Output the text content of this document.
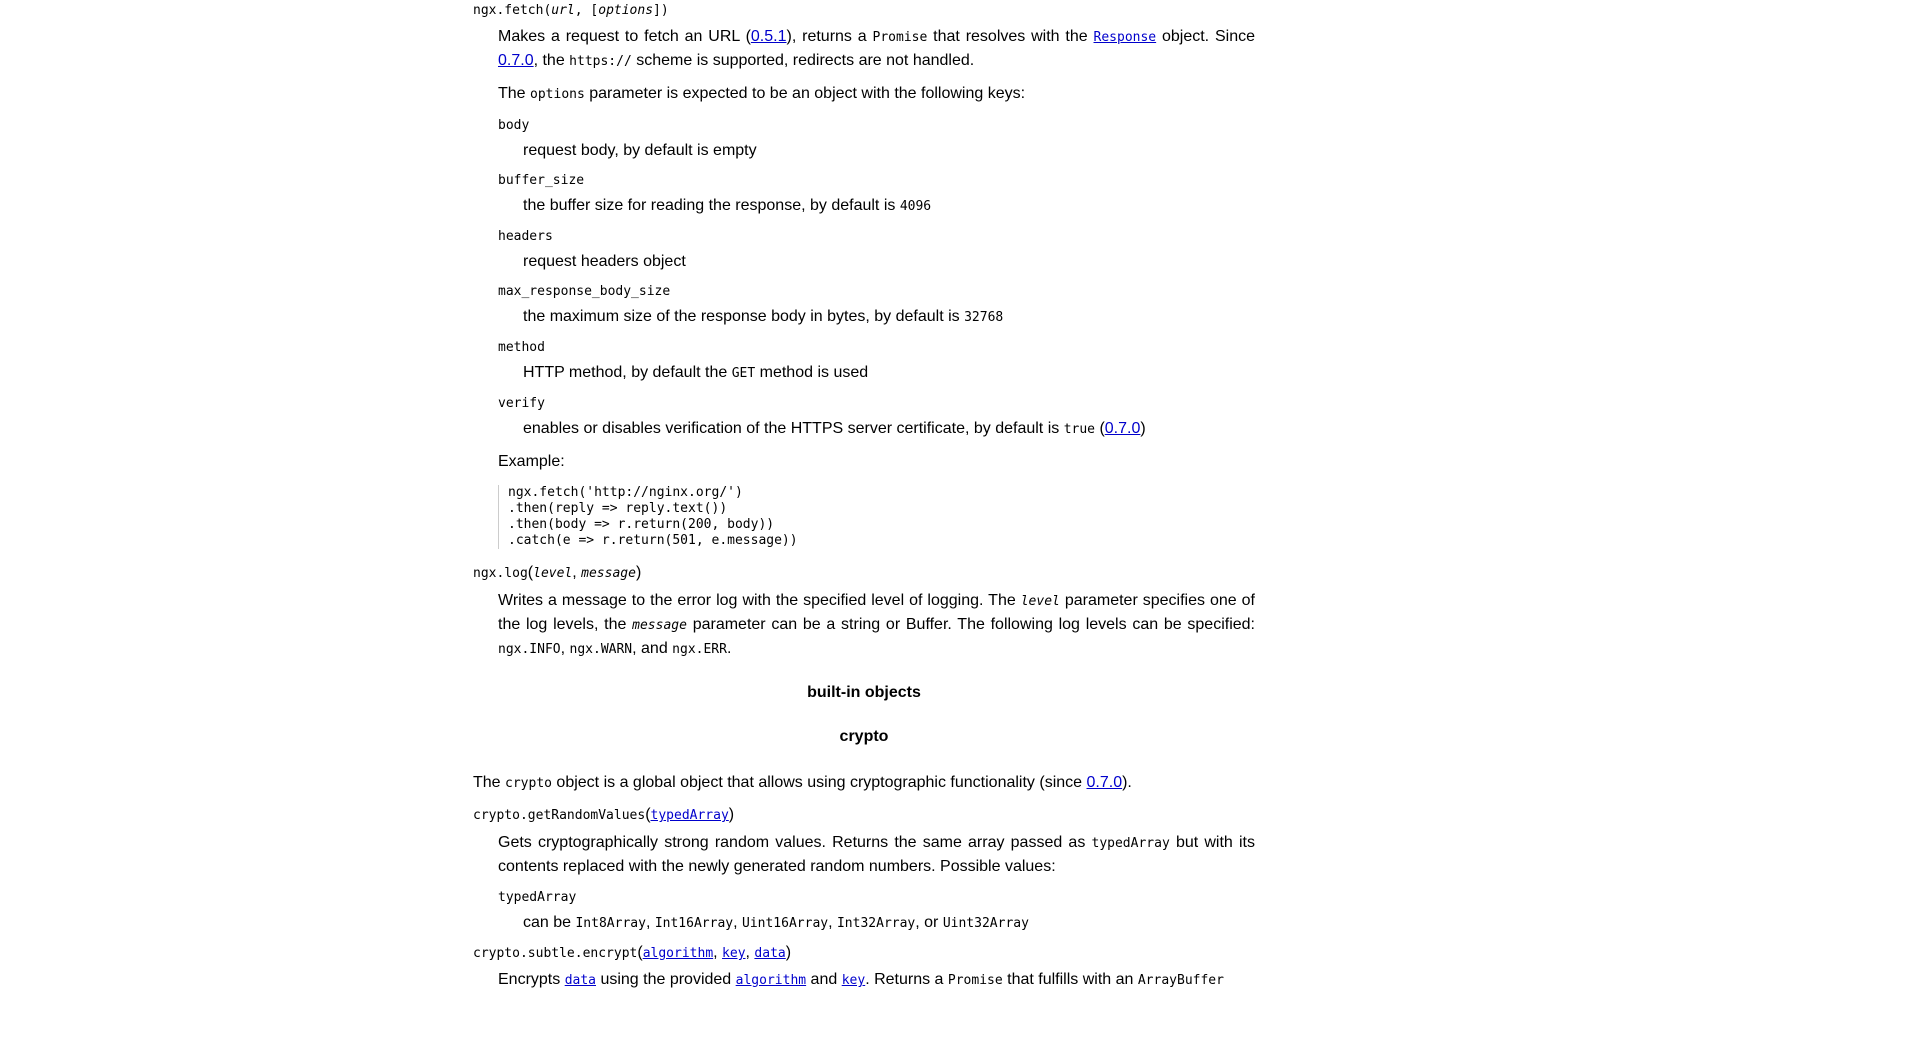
ngx.fetch(url, [options])

Makes a request to fetch an URL (0.5.1), returns a Promise that resolves with the Response object. Since 0.7.0, the https:// scheme is supported, redirects are not handled.

The options parameter is expected to be an object with the following keys:

body
request body, by default is empty
buffer_size
the buffer size for reading the response, by default is 4096
headers
request headers object
max_response_body_size
the maximum size of the response body in bytes, by default is 32768
method
HTTP method, by default the GET method is used
verify
enables or disables verification of the HTTPS server certificate, by default is true (0.7.0)

Example:

ngx.fetch('http://nginx.org/')
.then(reply => reply.text())
.then(body => r.return(200, body))
.catch(e => r.return(501, e.message))

ngx.log(level, message)

Writes a message to the error log with the specified level of logging. The level parameter specifies one of the log levels, the message parameter can be a string or Buffer. The following log levels can be specified: ngx.INFO, ngx.WARN, and ngx.ERR.

built-in objects
crypto

The crypto object is a global object that allows using cryptographic functionality (since 0.7.0).

crypto.getRandomValues(typedArray)

Gets cryptographically strong random values. Returns the same array passed as typedArray but with its contents replaced with the newly generated random numbers. Possible values:

typedArray
can be Int8Array, Int16Array, Uint16Array, Int32Array, or Uint32Array

crypto.subtle.encrypt(algorithm, key, data)

Encrypts data using the provided algorithm and key. Returns a Promise that fulfills with an ArrayBuffer
